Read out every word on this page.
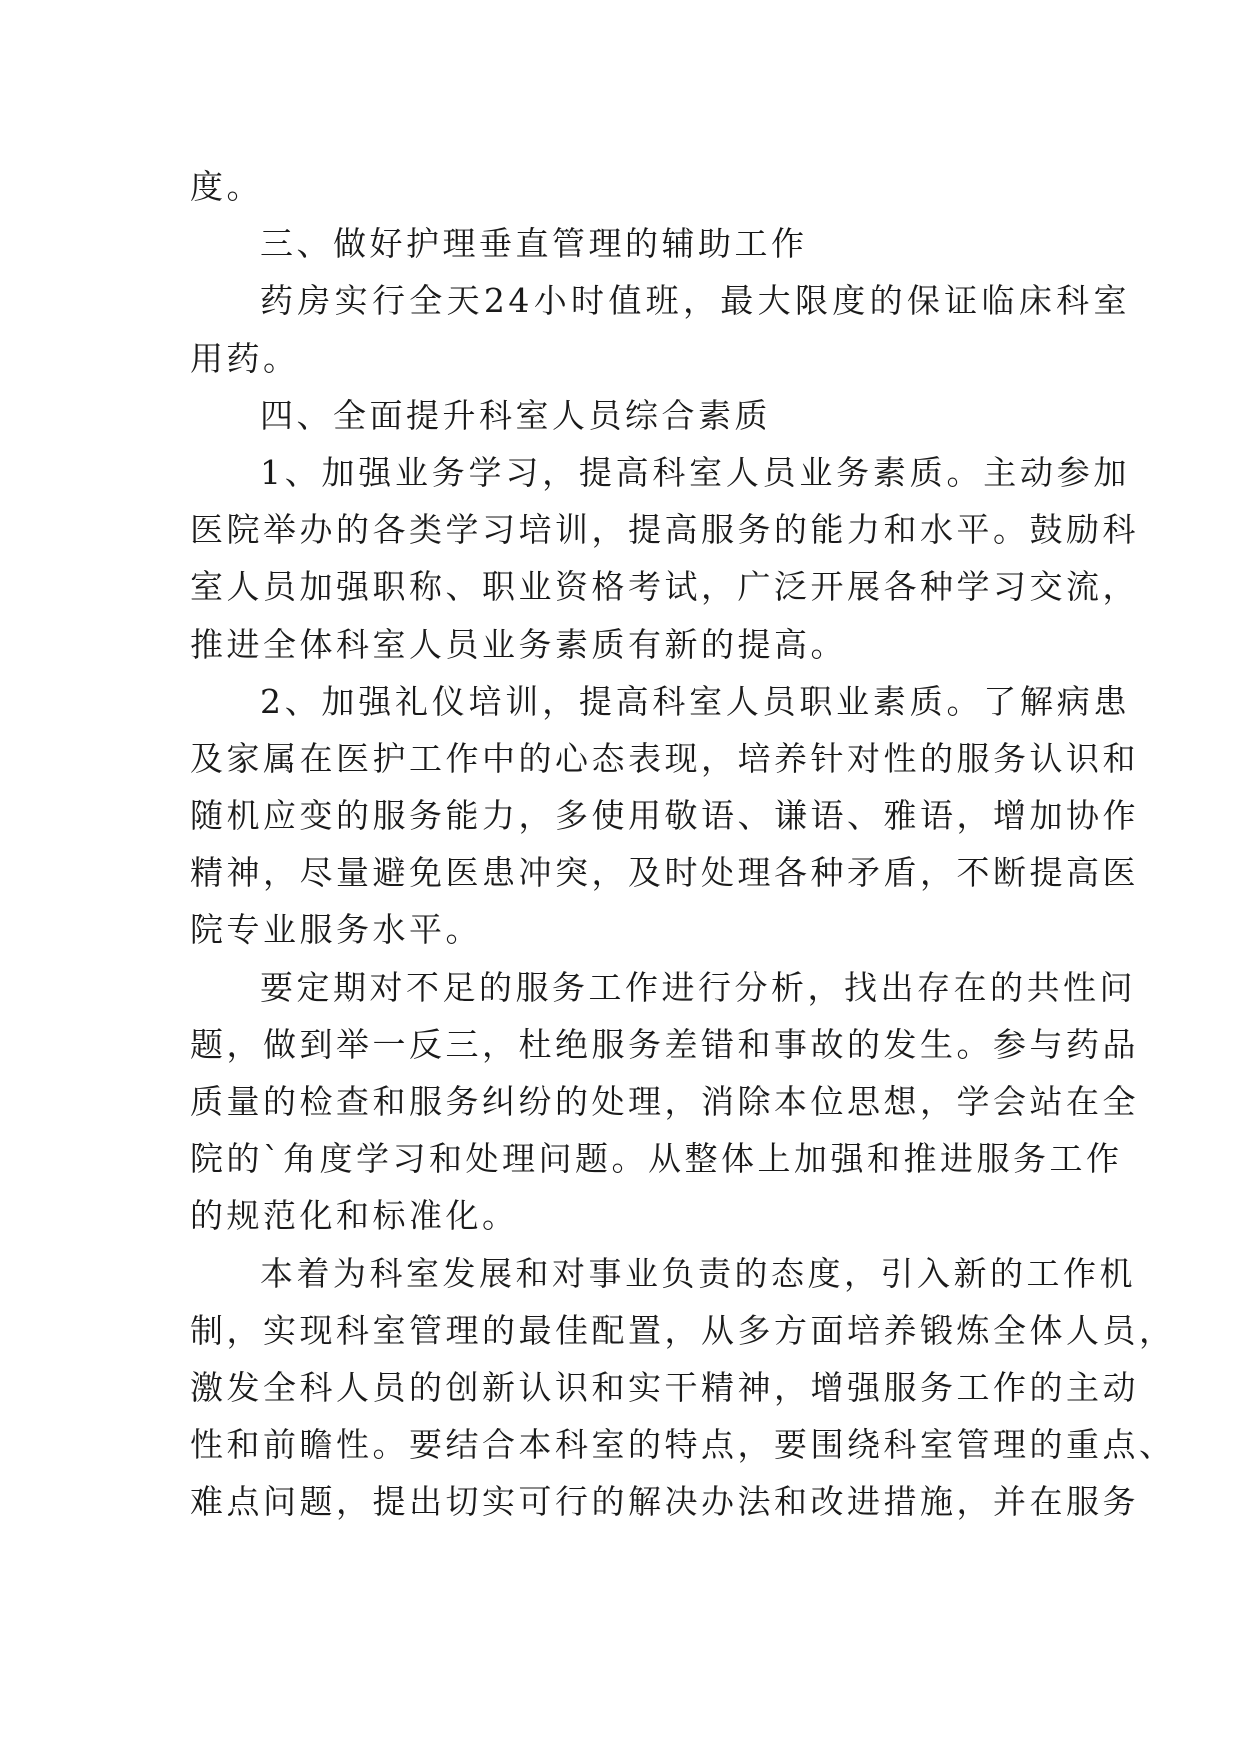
度。
三、做好护理垂直管理的辅助工作
药房实行全天24小时值班，最大限度的保证临床科室
用药。
四、全面提升科室人员综合素质
1、加强业务学习，提高科室人员业务素质。主动参加
医院举办的各类学习培训，提高服务的能力和水平。鼓励科
室人员加强职称、职业资格考试，广泛开展各种学习交流，
推进全体科室人员业务素质有新的提高。
2、加强礼仪培训，提高科室人员职业素质。了解病患
及家属在医护工作中的心态表现，培养针对性的服务认识和
随机应变的服务能力，多使用敬语、谦语、雅语，增加协作
精神，尽量避免医患冲突，及时处理各种矛盾，不断提高医
院专业服务水平。
要定期对不足的服务工作进行分析，找出存在的共性问
题，做到举一反三，杜绝服务差错和事故的发生。参与药品
质量的检查和服务纠纷的处理，消除本位思想，学会站在全
院的`角度学习和处理问题。从整体上加强和推进服务工作
的规范化和标准化。
本着为科室发展和对事业负责的态度，引入新的工作机
制，实现科室管理的最佳配置，从多方面培养锻炼全体人员，
激发全科人员的创新认识和实干精神，增强服务工作的主动
性和前瞻性。要结合本科室的特点，要围绕科室管理的重点、
难点问题，提出切实可行的解决办法和改进措施，并在服务
